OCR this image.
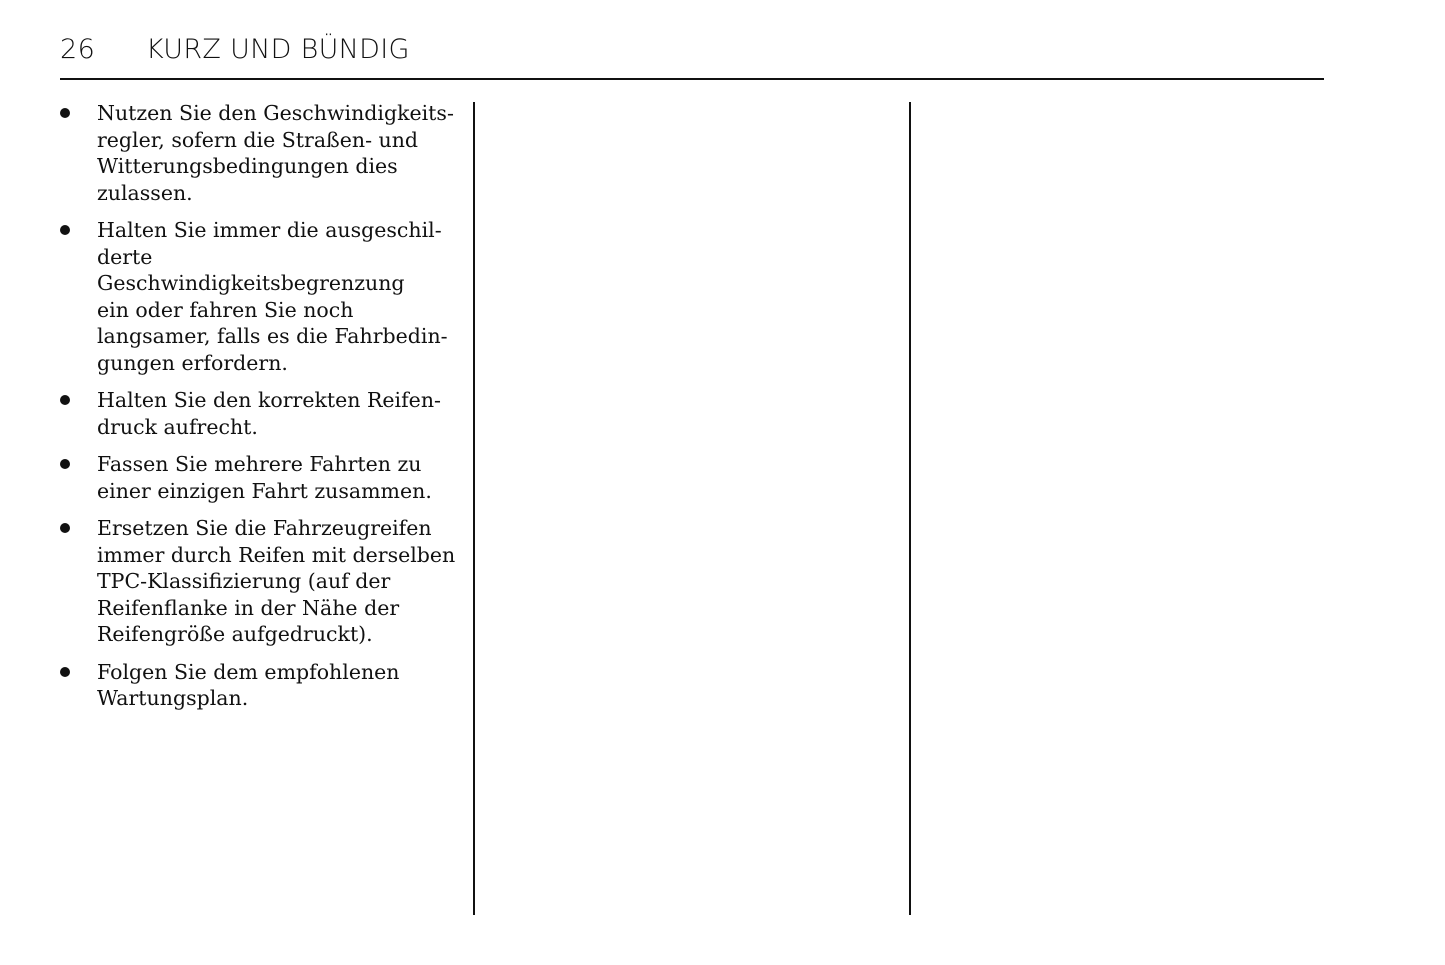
26 KURZ UND BÜNDIG
Nutzen Sie den Geschwindigkeits-
regler, sofern die Straßen- und
Witterungsbedingungen dies
zulassen.
Halten Sie immer die ausgeschil-
derte Geschwindigkeitsbegrenzung
ein oder fahren Sie noch
langsamer, falls es die Fahrbedin-
gungen erfordern.
Halten Sie den korrekten Reifen-
druck aufrecht.
Fassen Sie mehrere Fahrten zu
einer einzigen Fahrt zusammen.
Ersetzen Sie die Fahrzeugreifen
immer durch Reifen mit derselben
TPC-Klassifizierung (auf der
Reifenflanke in der Nähe der
Reifengröße aufgedruckt).
Folgen Sie dem empfohlenen
Wartungsplan.
